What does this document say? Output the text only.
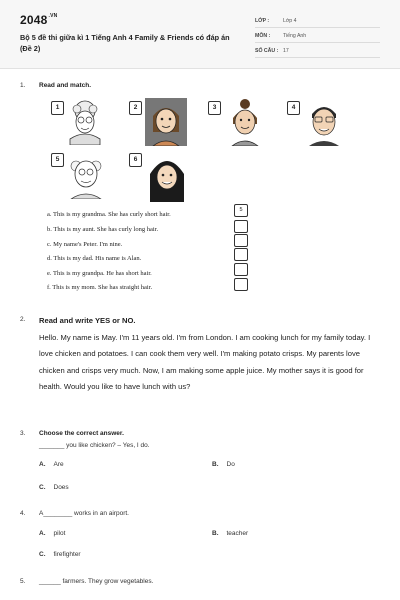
$2048^{.VN}$
Bộ 5 đề thi giữa kì 1 Tiếng Anh 4 Family & Friends có đáp án (Đề 2)
LỚP :	Lớp 4
MÔN : Tiếng Anh
SỐ CÂU : 17
1. Read and match.
1	2	3	4
5	6
a. This is my grandma. She has curly short hair.
b. This is my aunt. She has curly long hair.
c. My name's Peter. I'm nine.
d. This is my dad. His name is Alan.
e. This is my grandpa. He has short hair.
f. This is my mom. She has straight hair.
5
2. Read and write YES or NO.
Hello. My name is May. I'm 11 years old. I'm from London. I am cooking lunch for my family today. I love chicken and potatoes. I can cook them very well. I'm making potato crisps. My parents love chicken and crisps very much. Now, I am making some apple juice. My mother says it is good for health. Would you like to have lunch with us?
3. Choose the correct answer.
_______ you like chicken? – Yes, I do.
A. Are	B. Do
C. Does
4. A________ works in an airport.
A. pilot	B. teacher
C. firefighter
5. ______ farmers. They grow vegetables.
